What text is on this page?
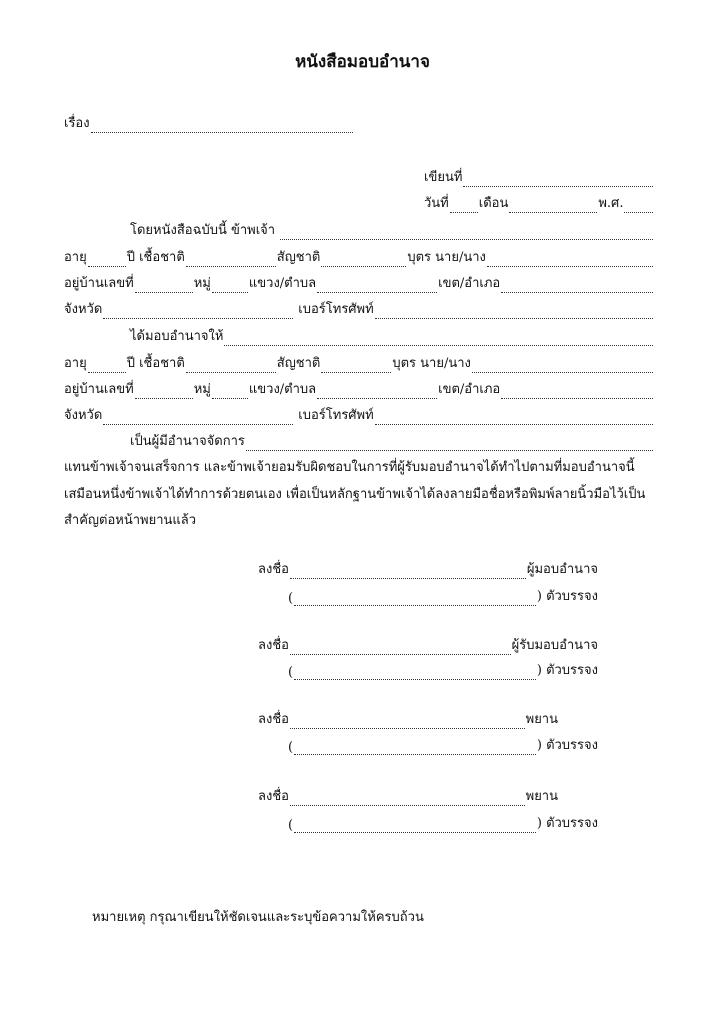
หนังสือมอบอำนาจ
เรื่อง
เขียนที่
วันที่ เดือน	พ.ศ.
โดยหนังสือฉบับนี้ ข้าพเจ้า
อายุ	ปี เชื้อชาติ	สัญชาติ	บุตร นาย/นาง
อยู่บ้านเลขที่	หมู่	แขวง/ตำบล	เขต/อำเภอ
จังหวัด	เบอร์โทรศัพท์
ได้มอบอำนาจให้
อายุ	ปี เชื้อชาติ	สัญชาติ	บุตร นาย/นาง
อยู่บ้านเลขที่	หมู่	แขวง/ตำบล	เขต/อำเภอ
จังหวัด	เบอร์โทรศัพท์
เป็นผู้มีอำนาจจัดการ
แทนข้าพเจ้าจนเสร็จการ และข้าพเจ้ายอมรับผิดชอบในการที่ผู้รับมอบอำนาจได้ทำไปตามที่มอบอำนาจนี้
เสมือนหนึ่งข้าพเจ้าได้ทำการด้วยตนเอง เพื่อเป็นหลักฐานข้าพเจ้าได้ลงลายมือชื่อหรือพิมพ์ลายนิ้วมือไว้เป็น
สำคัญต่อหน้าพยานแล้ว
ลงชื่อ	ผู้มอบอำนาจ
(	) ตัวบรรจง
ลงชื่อ	ผู้รับมอบอำนาจ
(	) ตัวบรรจง
ลงชื่อ	พยาน
(	) ตัวบรรจง
ลงชื่อ	พยาน
(	) ตัวบรรจง
หมายเหตุ กรุณาเขียนให้ชัดเจนและระบุข้อความให้ครบถ้วน
